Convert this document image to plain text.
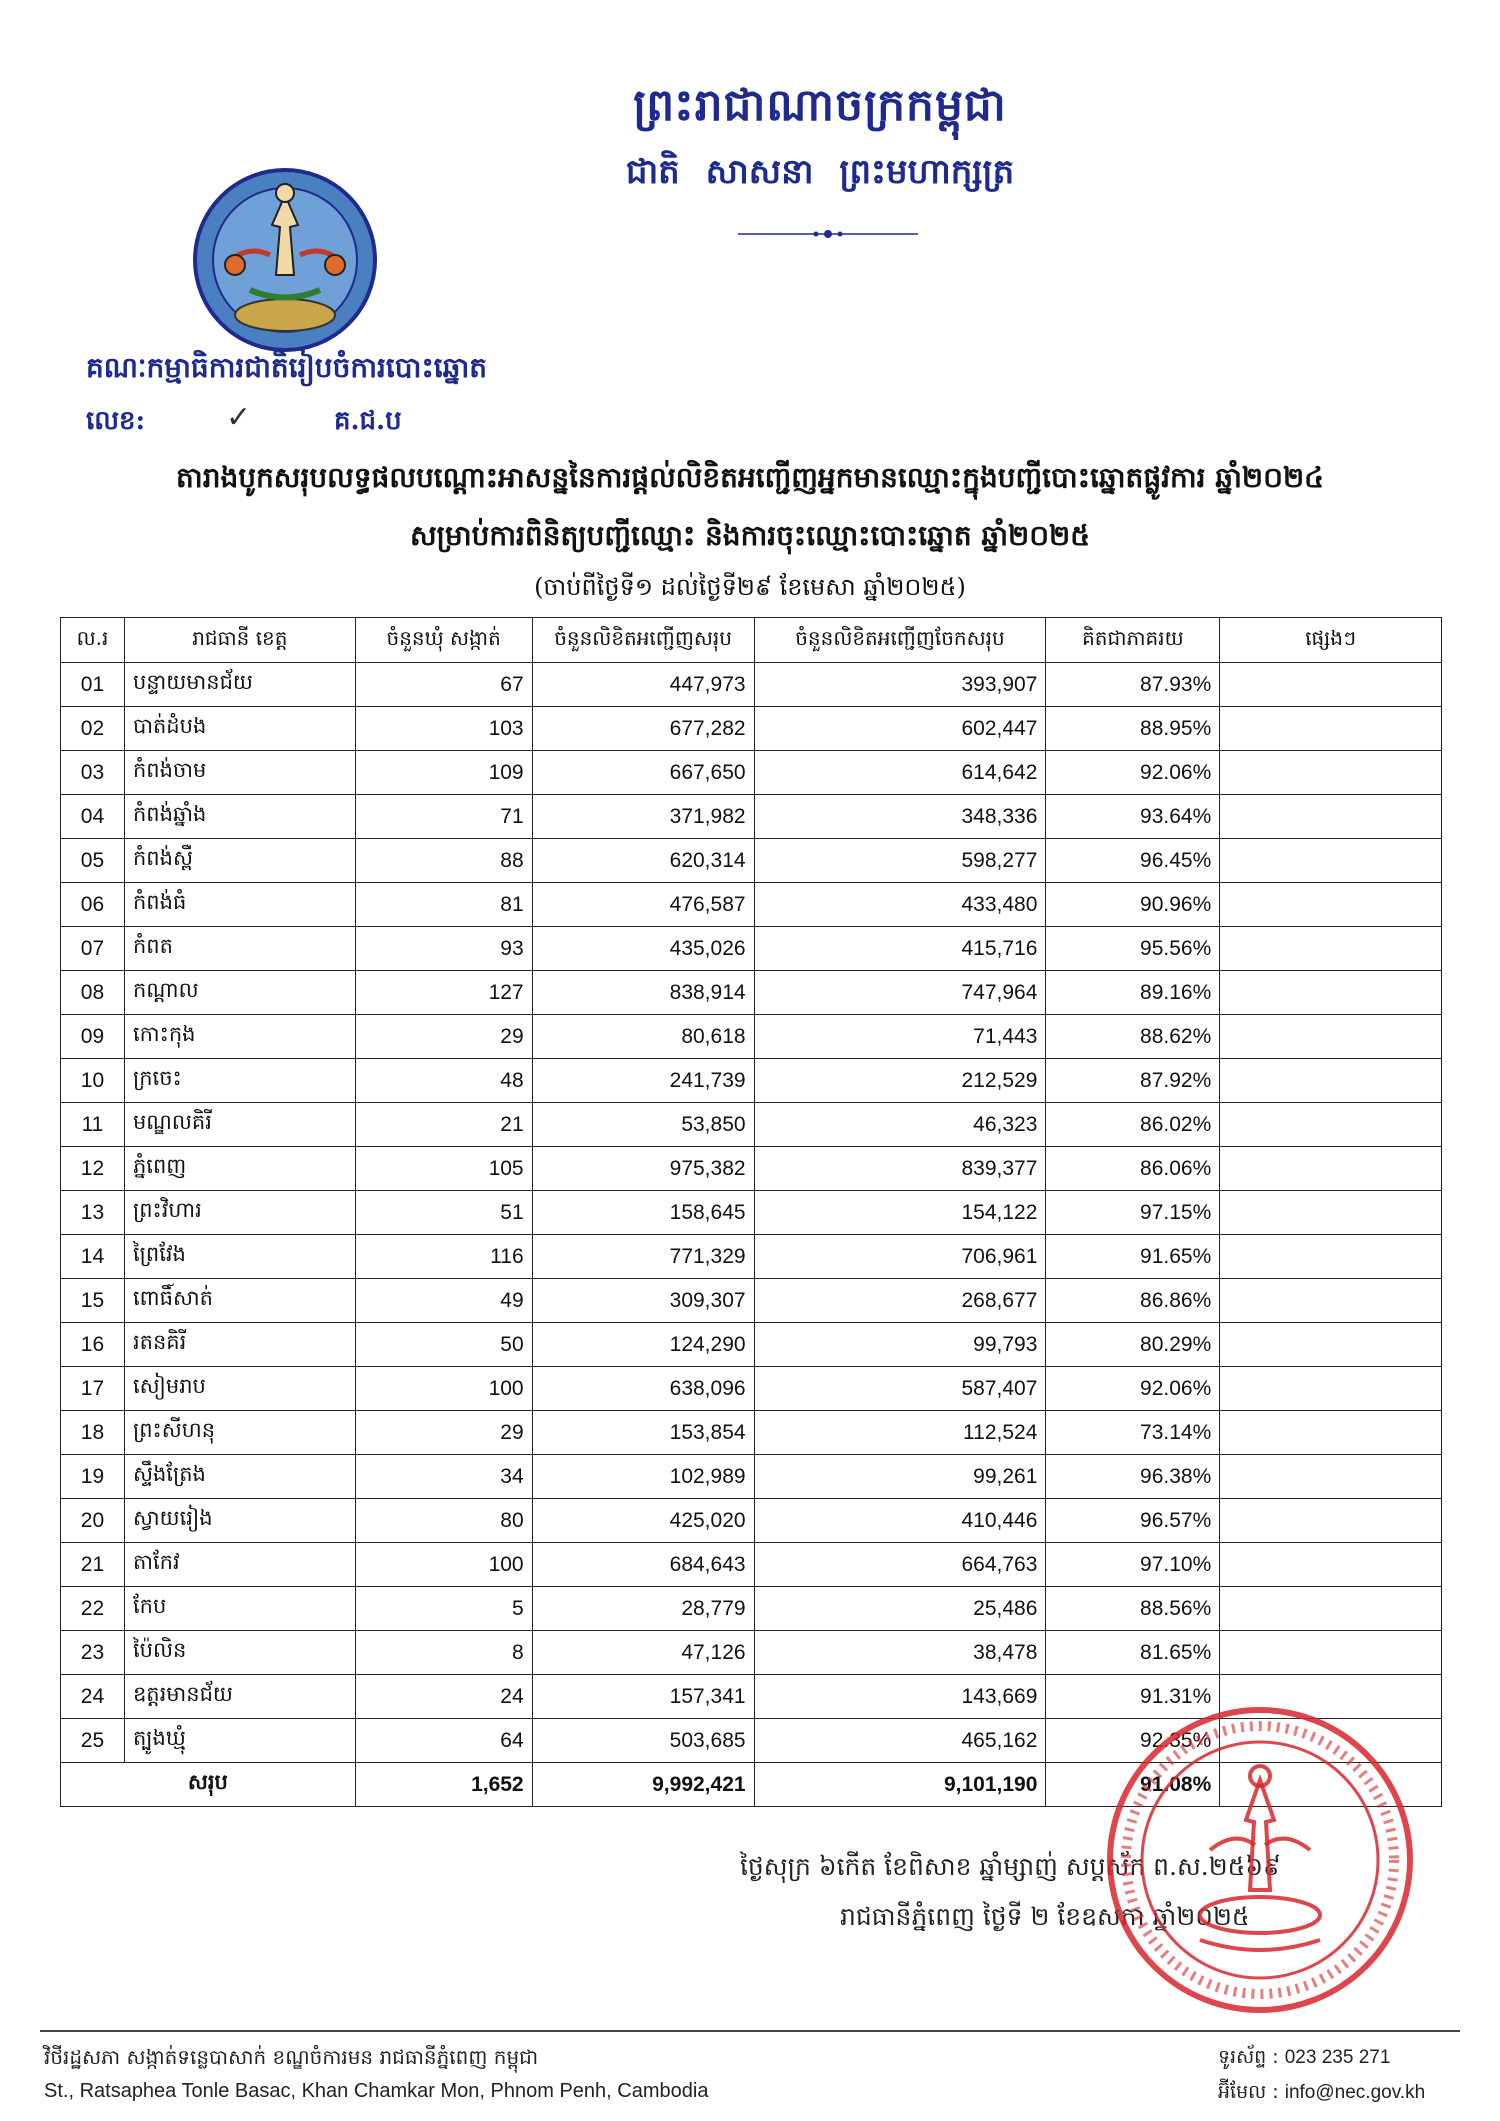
ព្រះរាជាណាចក្រកម្ពុជា
ជាតិ សាសនា ព្រះមហាក្សត្រ
គណៈកម្មាធិការជាតិរៀបចំការបោះឆ្នោត
លេខ:	✓	គ.ជ.ប
តារាងបូកសរុបលទ្ធផលបណ្ដោះអាសន្ននៃការផ្ដល់លិខិតអញ្ជើញអ្នកមានឈ្មោះក្នុងបញ្ជីបោះឆ្នោតផ្លូវការ ឆ្នាំ២០២៤
សម្រាប់ការពិនិត្យបញ្ជីឈ្មោះ និងការចុះឈ្មោះបោះឆ្នោត ឆ្នាំ២០២៥
(ចាប់ពីថ្ងៃទី១ ដល់ថ្ងៃទី២៩ ខែមេសា ឆ្នាំ២០២៥)
ល.រ	រាជធានី ខេត្ត	ចំនួនឃុំ សង្កាត់	ចំនួនលិខិតអញ្ជើញសរុប	ចំនួនលិខិតអញ្ជើញចែកសរុប	គិតជាភាគរយ	ផ្សេងៗ
01	បន្ទាយមានជ័យ	67	447,973	393,907	87.93%	
02	បាត់ដំបង	103	677,282	602,447	88.95%	
03	កំពង់ចាម	109	667,650	614,642	92.06%	
04	កំពង់ឆ្នាំង	71	371,982	348,336	93.64%	
05	កំពង់ស្ពឺ	88	620,314	598,277	96.45%	
06	កំពង់ធំ	81	476,587	433,480	90.96%	
07	កំពត	93	435,026	415,716	95.56%	
08	កណ្ដាល	127	838,914	747,964	89.16%	
09	កោះកុង	29	80,618	71,443	88.62%	
10	ក្រចេះ	48	241,739	212,529	87.92%	
11	មណ្ឌលគិរី	21	53,850	46,323	86.02%	
12	ភ្នំពេញ	105	975,382	839,377	86.06%	
13	ព្រះវិហារ	51	158,645	154,122	97.15%	
14	ព្រៃវែង	116	771,329	706,961	91.65%	
15	ពោធិ៍សាត់	49	309,307	268,677	86.86%	
16	រតនគិរី	50	124,290	99,793	80.29%	
17	សៀមរាប	100	638,096	587,407	92.06%	
18	ព្រះសីហនុ	29	153,854	112,524	73.14%	
19	ស្ទឹងត្រែង	34	102,989	99,261	96.38%	
20	ស្វាយរៀង	80	425,020	410,446	96.57%	
21	តាកែវ	100	684,643	664,763	97.10%	
22	កែប	5	28,779	25,486	88.56%	
23	ប៉ៃលិន	8	47,126	38,478	81.65%	
24	ឧត្ដរមានជ័យ	24	157,341	143,669	91.31%	
25	ត្បូងឃ្មុំ	64	503,685	465,162	92.35%	
សរុប		1,652	9,992,421	9,101,190	91.08%	
ថ្ងៃសុក្រ ៦កើត ខែពិសាខ ឆ្នាំម្សាញ់ សប្តស័ក ព.ស.២៥៦៩
រាជធានីភ្នំពេញ ថ្ងៃទី ២ ខែឧសភា ឆ្នាំ២០២៥
វិថីរដ្ឋសភា សង្កាត់ទន្លេបាសាក់ ខណ្ឌចំការមន រាជធានីភ្នំពេញ កម្ពុជា
St., Ratsaphea Tonle Basac, Khan Chamkar Mon, Phnom Penh, Cambodia
ទូរស័ព្ទ : 023 235 271
អ៊ីមែល : info@nec.gov.kh
